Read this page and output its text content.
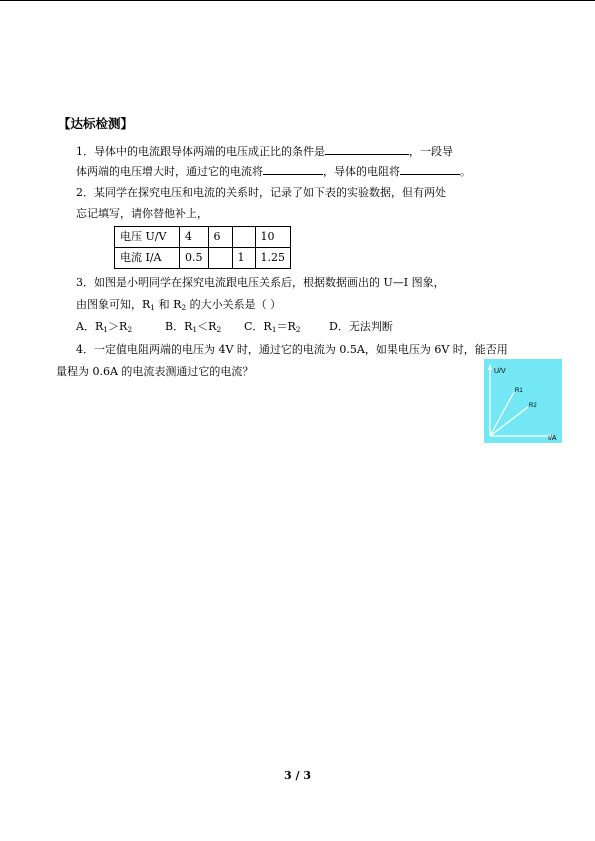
【达标检测】
1．导体中的电流跟导体两端的电压成正比的条件是	，一段导
体两端的电压增大时，通过它的电流将	，导体的电阻将	。
2．某同学在探究电压和电流的关系时，记录了如下表的实验数据，但有两处
忘记填写，请你替他补上，
电压 U/V	4	6		10
电流 I/A	0.5		1	1.25
3．如图是小明同学在探究电流跟电压关系后，根据数据画出的 U—I 图象，
由图象可知，$R_1$ 和 $R_2$ 的大小关系是（ ）
A．$R_1>R_2$	B．$R_1<R_2$ C．$R_1=R_2$	D．无法判断
4．一定值电阻两端的电压为 4V 时，通过它的电流为 0.5A，如果电压为 6V 时，能否用
量程为 0.6A 的电流表测通过它的电流？	U/V
I/A
R1
R2
3 / 3
